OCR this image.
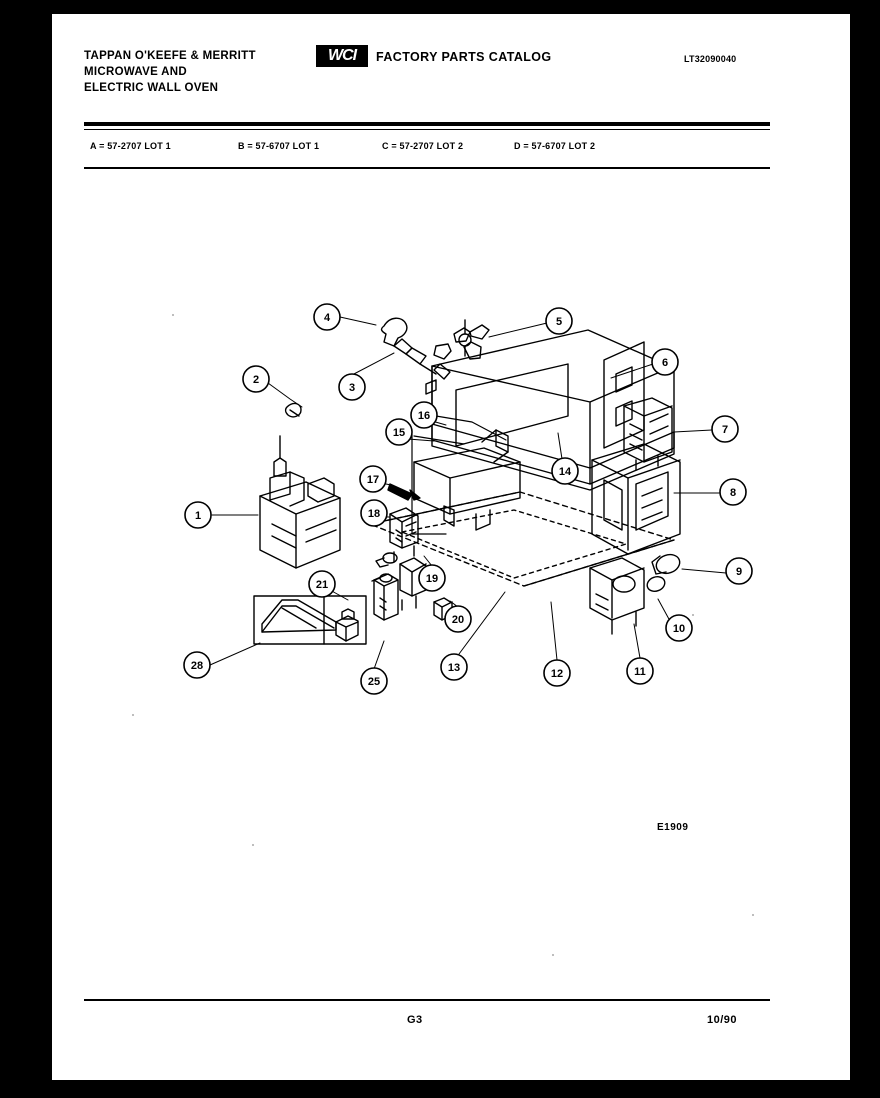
TAPPAN O'KEEFE & MERRITT
MICROWAVE AND
ELECTRIC WALL OVEN
WCI	FACTORY PARTS CATALOG	LT32090040
A = 57-2707 LOT 1	B = 57-6707 LOT 1	C = 57-2707 LOT 2	D = 57-6707 LOT 2
1
2
3
4	5
6
7
8
9
10
11
12
13
14
15
16
17
18
19
20
21
25
28
E1909
G3	10/90
